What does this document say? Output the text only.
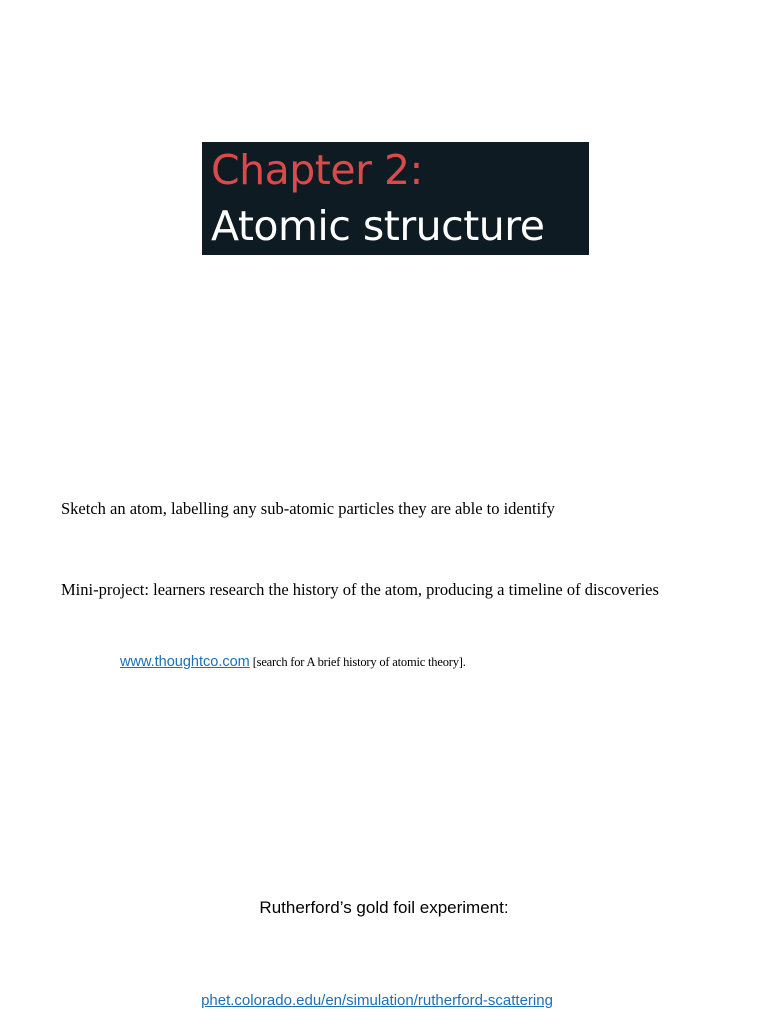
Chapter 2:
Atomic structure
Sketch an atom, labelling any sub-atomic particles they are able to identify
Mini-project: learners research the history of the atom, producing a timeline of discoveries
www.thoughtco.com [search for A brief history of atomic theory].
Rutherford’s gold foil experiment:
phet.colorado.edu/en/simulation/rutherford-scattering
